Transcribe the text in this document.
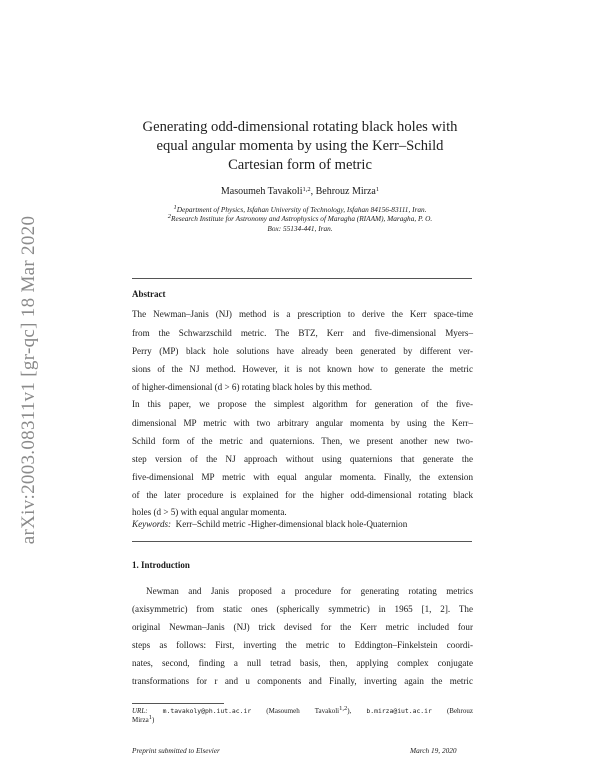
arXiv:2003.08311v1 [gr-qc] 18 Mar 2020
Generating odd-dimensional rotating black holes with
equal angular momenta by using the Kerr–Schild
Cartesian form of metric
Masoumeh Tavakoli$^{1,2}$, Behrouz Mirza$^1$
$^1$Department of Physics, Isfahan University of Technology, Isfahan 84156-83111, Iran.
$^2$Research Institute for Astronomy and Astrophysics of Maragha (RIAAM), Maragha, P. O.
Box: 55134-441, Iran.
Abstract
The Newman–Janis (NJ) method is a prescription to derive the Kerr space-time
from the Schwarzschild metric. The BTZ, Kerr and five-dimensional Myers–
Perry (MP) black hole solutions have already been generated by different ver-
sions of the NJ method. However, it is not known how to generate the metric
of higher-dimensional (d > 6) rotating black holes by this method.
In this paper, we propose the simplest algorithm for generation of the five-
dimensional MP metric with two arbitrary angular momenta by using the Kerr–
Schild form of the metric and quaternions. Then, we present another new two-
step version of the NJ approach without using quaternions that generate the
five-dimensional MP metric with equal angular momenta. Finally, the extension
of the later procedure is explained for the higher odd-dimensional rotating black
holes (d > 5) with equal angular momenta.
Keywords: Kerr–Schild metric -Higher-dimensional black hole-Quaternion
1. Introduction
Newman and Janis proposed a procedure for generating rotating metrics
(axisymmetric) from static ones (spherically symmetric) in 1965 [1, 2]. The
original Newman–Janis (NJ) trick devised for the Kerr metric included four
steps as follows: First, inverting the metric to Eddington–Finkelstein coordi-
nates, second, finding a null tetrad basis, then, applying complex conjugate
transformations for r and u components and Finally, inverting again the metric
URL: m.tavakoly@ph.iut.ac.ir (Masoumeh Tavakoli$^{1,2}$), b.mirza@iut.ac.ir (Behrouz
Mirza$^1$)
Preprint submitted to Elsevier	March 19, 2020
